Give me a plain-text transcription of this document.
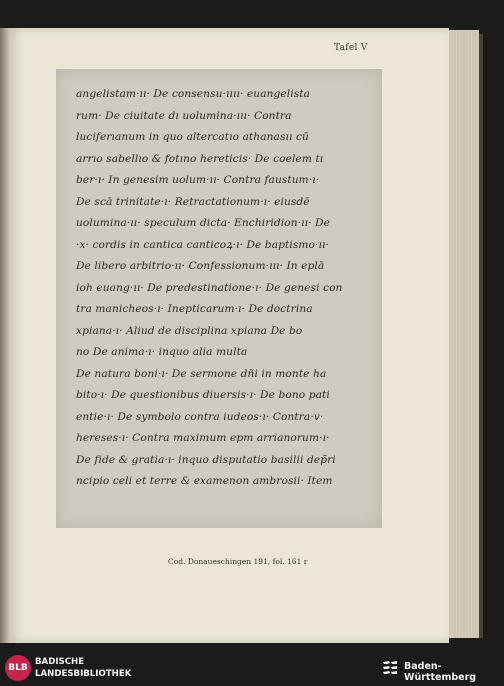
Tafel V
angelistam·ıı· De consensu·ıııı· euangelista
rum· De ciuitate dı uolumina·ııı· Contra
luciferıanum in quo altercatıo athanasıı cū
arrıo sabellıo & fotıno hereticis· De coelem tı
ber·ı· In genesim uolum·ıı· Contra faustum·ı·
De scā trinitate·ı· Retractationum·ı· eiusdē
uolumina·ıı· speculum dicta· Enchiridion·ıı· De
·x· cordis in cantica canticoꝝ·ı· De baptismo·ıı·
De libero arbitrio·ıı· Confessionum·ııı· In eplā
ioh euang·ıı· De predestinatione·ı· De genesi con
tra manicheos·ı· Inepticarum·ı· De doctrina
xpiana·ı· Aliud de disciplina xpiana De bo
no De anima·ı· inquo alia multa
De natura boni·ı· De sermone dñi in monte ha
bito·ı· De questionibus diuersis·ı· De bono pati
entie·ı· De symbolo contra iudeos·ı· Contra·v·
hereses·ı· Contra maximum epm arrianorum·ı·
De fide & gratia·ı· inquo disputatio basilii dep̄ri
ncipio celi et terre & examenon ambrosii· Item
Cod. Donaueschingen 191, fol. 161 r
BLB
BADISCHE
LANDESBIBLIOTHEK
Baden-Württemberg
